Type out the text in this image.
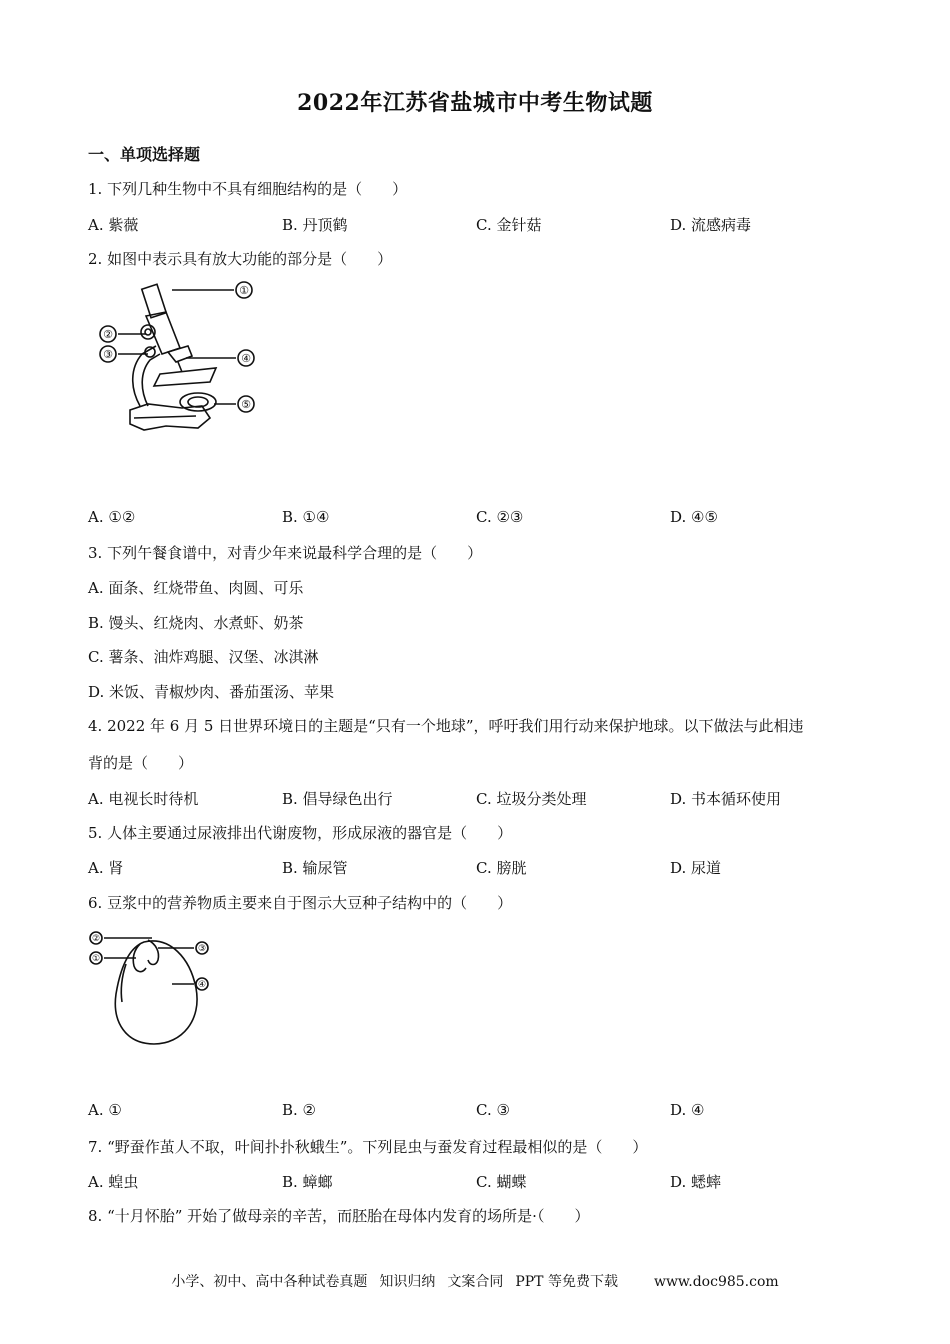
2022年江苏省盐城市中考生物试题
一、单项选择题
1. 下列几种生物中不具有细胞结构的是（　　）
A. 紫薇	B. 丹顶鹤	C. 金针菇	D. 流感病毒
2. 如图中表示具有放大功能的部分是（　　）
①
②
③	④
⑤
A. ①②	B. ①④	C. ②③	D. ④⑤
3. 下列午餐食谱中，对青少年来说最科学合理的是（　　）
A. 面条、红烧带鱼、肉圆、可乐
B. 馒头、红烧肉、水煮虾、奶茶
C. 薯条、油炸鸡腿、汉堡、冰淇淋
D. 米饭、青椒炒肉、番茄蛋汤、苹果
4. 2022 年 6 月 5 日世界环境日的主题是“只有一个地球”，呼吁我们用行动来保护地球。以下做法与此相违
背的是（　　）
A. 电视长时待机	B. 倡导绿色出行	C. 垃圾分类处理	D. 书本循环使用
5. 人体主要通过尿液排出代谢废物，形成尿液的器官是（　　）
A. 肾	B. 输尿管	C. 膀胱	D. 尿道
6. 豆浆中的营养物质主要来自于图示大豆种子结构中的（　　）
②
①
③
④
A. ①	B. ②	C. ③	D. ④
7. “野蚕作茧人不取，叶间扑扑秋蛾生”。下列昆虫与蚕发育过程最相似的是（　　）
A. 蝗虫	B. 蟑螂	C. 蝴蝶	D. 蟋蟀
8. “十月怀胎” 开始了做母亲的辛苦，而胚胎在母体内发育的场所是·（　　）
小学、初中、高中各种试卷真题 知识归纳 文案合同 PPT 等免费下载	www.doc985.com
